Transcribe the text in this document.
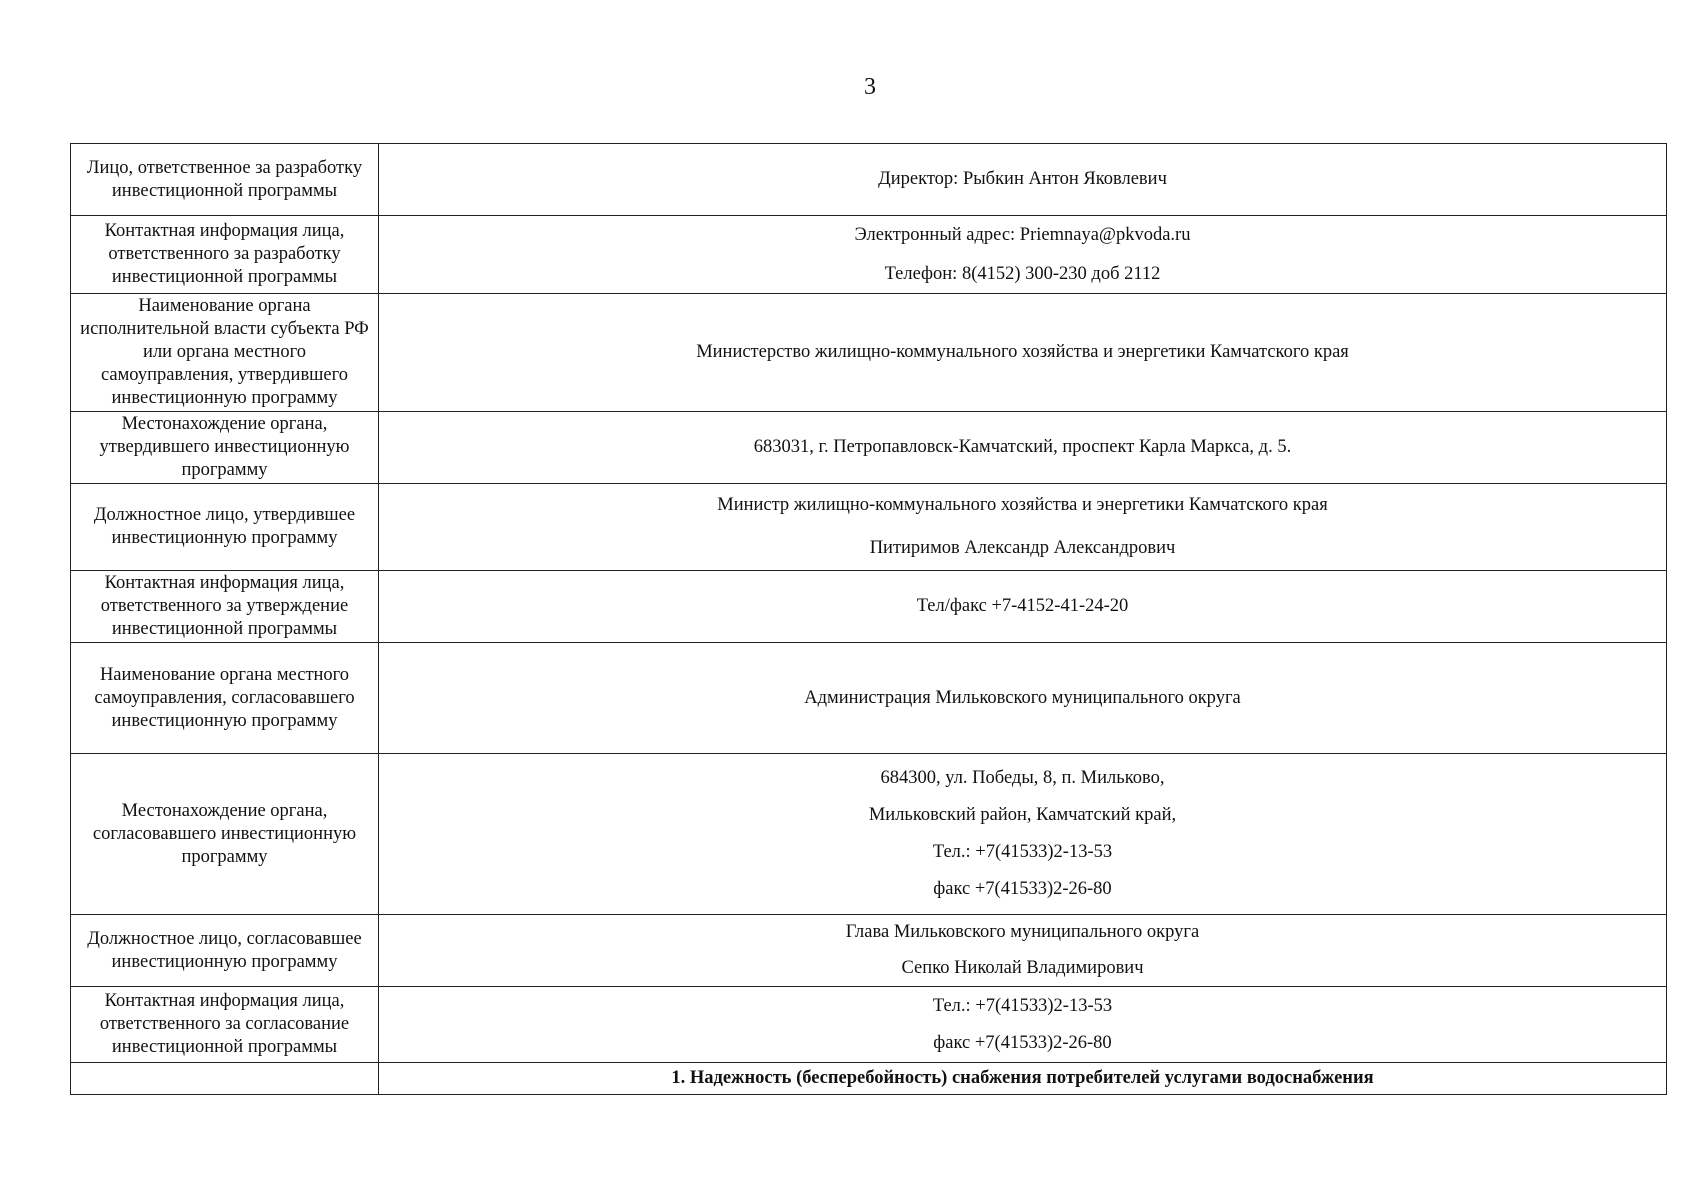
3
Лицо, ответственное за разработку инвестиционной программы	Директор: Рыбкин Антон Яковлевич

Контактная информация лица, ответственного за разработку инвестиционной программы	Электронный адрес: Priemnaya@pkvoda.ru
Телефон: 8(4152) 300-230 доб 2112

Наименование органа исполнительной власти субъекта РФ или органа местного самоуправления, утвердившего инвестиционную программу	Министерство жилищно-коммунального хозяйства и энергетики Камчатского края

Местонахождение органа, утвердившего инвестиционную программу	683031, г. Петропавловск-Камчатский, проспект Карла Маркса, д. 5.

Должностное лицо, утвердившее инвестиционную программу	Министр жилищно-коммунального хозяйства и энергетики Камчатского края
Питиримов Александр Александрович

Контактная информация лица, ответственного за утверждение инвестиционной программы	Тел/факс +7-4152-41-24-20

Наименование органа местного самоуправления, согласовавшего инвестиционную программу	Администрация Мильковского муниципального округа

Местонахождение органа, согласовавшего инвестиционную программу	684300, ул. Победы, 8, п. Мильково,
Мильковский район, Камчатский край,
Тел.: +7(41533)2-13-53
факс +7(41533)2-26-80

Должностное лицо, согласовавшее инвестиционную программу	Глава Мильковского муниципального округа
Сепко Николай Владимирович

Контактная информация лица, ответственного за согласование инвестиционной программы	Тел.: +7(41533)2-13-53
факс +7(41533)2-26-80

	1. Надежность (бесперебойность) снабжения потребителей услугами водоснабжения
